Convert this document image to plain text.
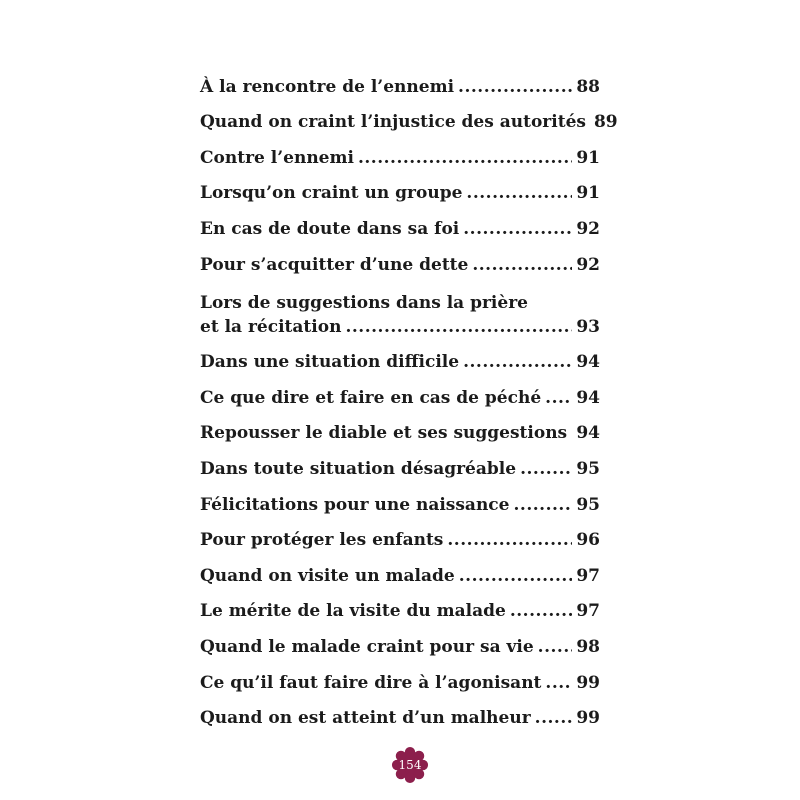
À la rencontre de l’ennemi .....	88
Quand on craint l’injustice des autorités 89
Contre l’ennemi .....	91
Lorsqu’on craint un groupe .....	91
En cas de doute dans sa foi .....	92
Pour s’acquitter d’une dette .....	92
Lors de suggestions dans la prière
et la récitation .....	93
Dans une situation difficile .....	94
Ce que dire et faire en cas de péché ..... 94
Repousser le diable et ses suggestions ..... 94
Dans toute situation désagréable .....	95
Félicitations pour une naissance .....	95
Pour protéger les enfants .....	96
Quand on visite un malade .....	97
Le mérite de la visite du malade .....	97
Quand le malade craint pour sa vie .....	98
Ce qu’il faut faire dire à l’agonisant ..... 99
Quand on est atteint d’un malheur .....	99
154
